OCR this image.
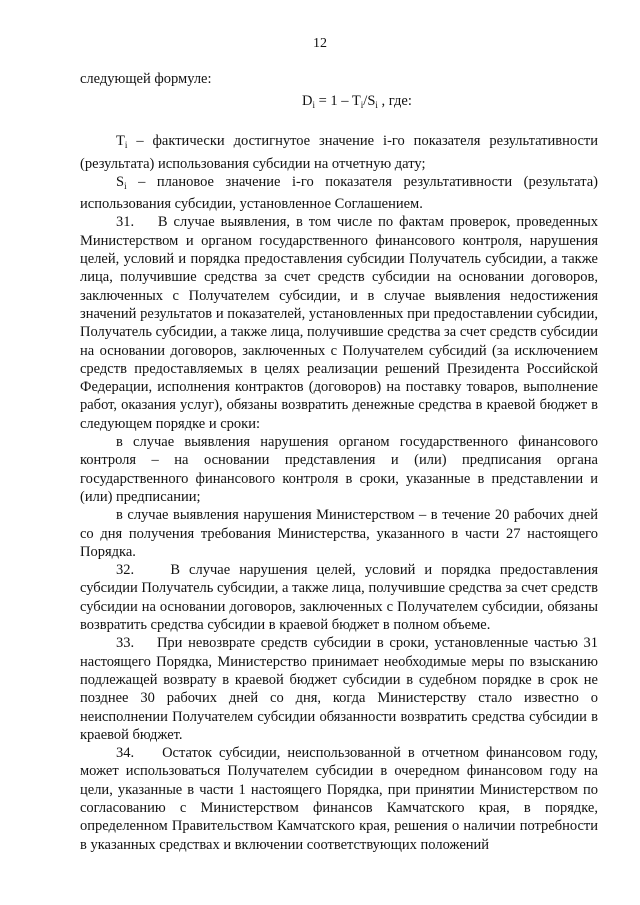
12

следующей формуле:

$D_i = 1 - T_i/S_i$ , где:

$T_i$ – фактически достигнутое значение i-го показателя результативности (результата) использования субсидии на отчетную дату;

$S_i$ – плановое значение i-го показателя результативности (результата) использования субсидии, установленное Соглашением.

31.    В случае выявления, в том числе по фактам проверок, проведенных Министерством и органом государственного финансового контроля, нарушения целей, условий и порядка предоставления субсидии Получатель субсидии, а также лица, получившие средства за счет средств субсидии на основании договоров, заключенных с Получателем субсидии, и в случае выявления недостижения значений результатов и показателей, установленных при предоставлении субсидии, Получатель субсидии, а также лица, получившие средства за счет средств субсидии на основании договоров, заключенных с Получателем субсидий (за исключением средств предоставляемых в целях реализации решений Президента Российской Федерации, исполнения контрактов (договоров) на поставку товаров, выполнение работ, оказания услуг), обязаны возвратить денежные средства в краевой бюджет в следующем порядке и сроки:

в случае выявления нарушения органом государственного финансового контроля – на основании представления и (или) предписания органа государственного финансового контроля в сроки, указанные в представлении и (или) предписании;

в случае выявления нарушения Министерством – в течение 20 рабочих дней со дня получения требования Министерства, указанного в части 27 настоящего Порядка.

32.    В случае нарушения целей, условий и порядка предоставления субсидии Получатель субсидии, а также лица, получившие средства за счет средств субсидии на основании договоров, заключенных с Получателем субсидии, обязаны возвратить средства субсидии в краевой бюджет в полном объеме.

33.    При невозврате средств субсидии в сроки, установленные частью 31 настоящего Порядка, Министерство принимает необходимые меры по взысканию подлежащей возврату в краевой бюджет субсидии в судебном порядке в срок не позднее 30 рабочих дней со дня, когда Министерству стало известно о неисполнении Получателем субсидии обязанности возвратить средства субсидии в краевой бюджет.

34.    Остаток субсидии, неиспользованной в отчетном финансовом году, может использоваться Получателем субсидии в очередном финансовом году на цели, указанные в части 1 настоящего Порядка, при принятии Министерством по согласованию с Министерством финансов Камчатского края, в порядке, определенном Правительством Камчатского края, решения о наличии потребности в указанных средствах и включении соответствующих положений
